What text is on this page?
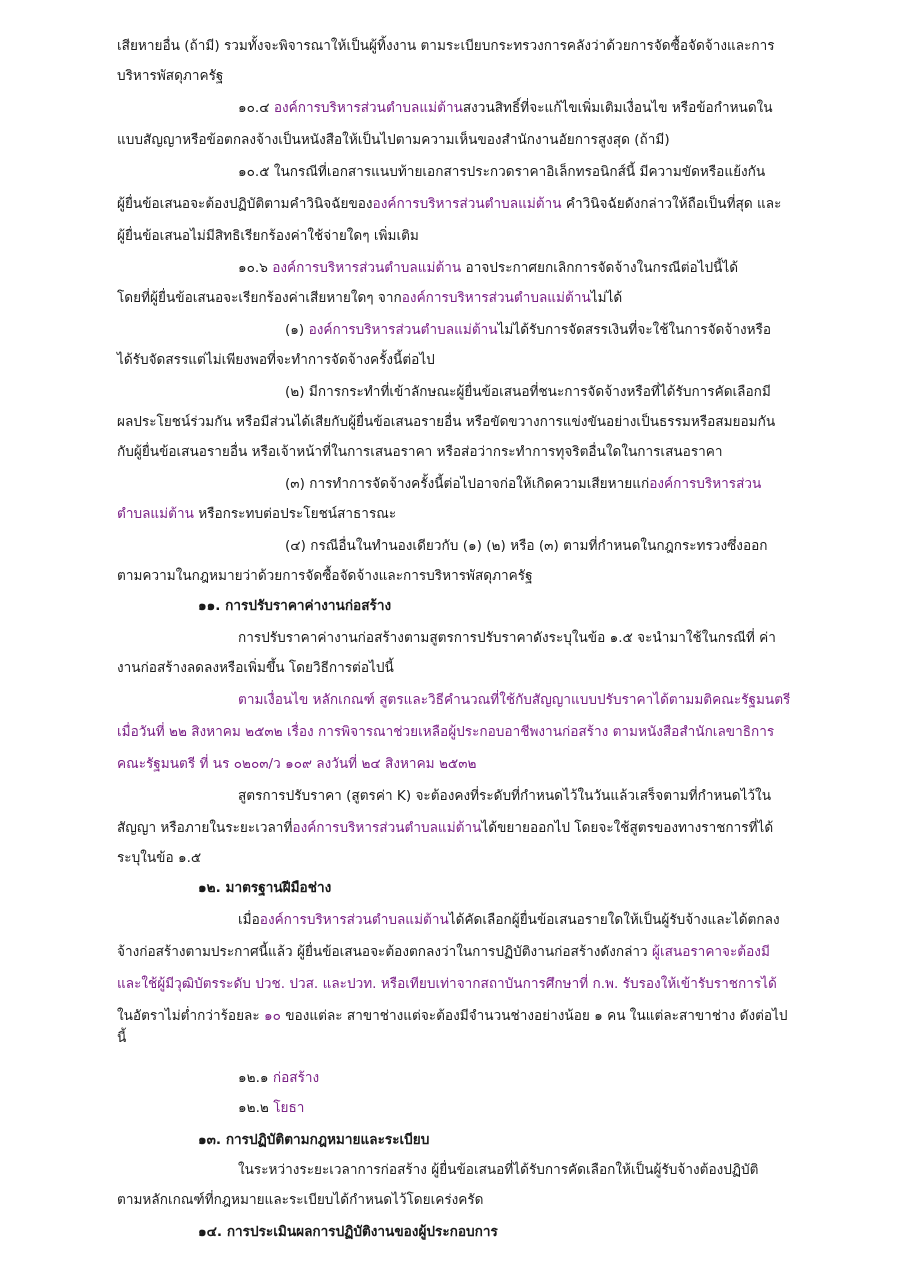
เสียหายอื่น (ถ้ามี) รวมทั้งจะพิจารณาให้เป็นผู้ทิ้งงาน ตามระเบียบกระทรวงการคลังว่าด้วยการจัดซื้อจัดจ้างและการ
บริหารพัสดุภาครัฐ
๑๐.๔ องค์การบริหารส่วนตำบลแม่ต้านสงวนสิทธิ์ที่จะแก้ไขเพิ่มเติมเงื่อนไข หรือข้อกำหนดใน
แบบสัญญาหรือข้อตกลงจ้างเป็นหนังสือให้เป็นไปตามความเห็นของสำนักงานอัยการสูงสุด (ถ้ามี)
๑๐.๕ ในกรณีที่เอกสารแนบท้ายเอกสารประกวดราคาอิเล็กทรอนิกส์นี้ มีความขัดหรือแย้งกัน
ผู้ยื่นข้อเสนอจะต้องปฏิบัติตามคำวินิจฉัยขององค์การบริหารส่วนตำบลแม่ต้าน คำวินิจฉัยดังกล่าวให้ถือเป็นที่สุด และ
ผู้ยื่นข้อเสนอไม่มีสิทธิเรียกร้องค่าใช้จ่ายใดๆ เพิ่มเติม
๑๐.๖ องค์การบริหารส่วนตำบลแม่ต้าน อาจประกาศยกเลิกการจัดจ้างในกรณีต่อไปนี้ได้
โดยที่ผู้ยื่นข้อเสนอจะเรียกร้องค่าเสียหายใดๆ จากองค์การบริหารส่วนตำบลแม่ต้านไม่ได้
(๑) องค์การบริหารส่วนตำบลแม่ต้านไม่ได้รับการจัดสรรเงินที่จะใช้ในการจัดจ้างหรือ
ได้รับจัดสรรแต่ไม่เพียงพอที่จะทำการจัดจ้างครั้งนี้ต่อไป
(๒) มีการกระทำที่เข้าลักษณะผู้ยื่นข้อเสนอที่ชนะการจัดจ้างหรือที่ได้รับการคัดเลือกมี
ผลประโยชน์ร่วมกัน หรือมีส่วนได้เสียกับผู้ยื่นข้อเสนอรายอื่น หรือขัดขวางการแข่งขันอย่างเป็นธรรมหรือสมยอมกัน
กับผู้ยื่นข้อเสนอรายอื่น หรือเจ้าหน้าที่ในการเสนอราคา หรือส่อว่ากระทำการทุจริตอื่นใดในการเสนอราคา
(๓) การทำการจัดจ้างครั้งนี้ต่อไปอาจก่อให้เกิดความเสียหายแก่องค์การบริหารส่วน
ตำบลแม่ต้าน หรือกระทบต่อประโยชน์สาธารณะ
(๔) กรณีอื่นในทำนองเดียวกับ (๑) (๒) หรือ (๓) ตามที่กำหนดในกฎกระทรวงซึ่งออก
ตามความในกฎหมายว่าด้วยการจัดซื้อจัดจ้างและการบริหารพัสดุภาครัฐ
๑๑. การปรับราคาค่างานก่อสร้าง
การปรับราคาค่างานก่อสร้างตามสูตรการปรับราคาดังระบุในข้อ ๑.๕ จะนำมาใช้ในกรณีที่ ค่า
งานก่อสร้างลดลงหรือเพิ่มขึ้น โดยวิธีการต่อไปนี้
ตามเงื่อนไข หลักเกณฑ์ สูตรและวิธีคำนวณที่ใช้กับสัญญาแบบปรับราคาได้ตามมติคณะรัฐมนตรี
เมื่อวันที่ ๒๒ สิงหาคม ๒๕๓๒ เรื่อง การพิจารณาช่วยเหลือผู้ประกอบอาชีพงานก่อสร้าง ตามหนังสือสำนักเลขาธิการ
คณะรัฐมนตรี ที่ นร ๐๒๐๓/ว ๑๐๙ ลงวันที่ ๒๔ สิงหาคม ๒๕๓๒
สูตรการปรับราคา (สูตรค่า K) จะต้องคงที่ระดับที่กำหนดไว้ในวันแล้วเสร็จตามที่กำหนดไว้ใน
สัญญา หรือภายในระยะเวลาที่องค์การบริหารส่วนตำบลแม่ต้านได้ขยายออกไป โดยจะใช้สูตรของทางราชการที่ได้
ระบุในข้อ ๑.๕
๑๒. มาตรฐานฝีมือช่าง
เมื่อองค์การบริหารส่วนตำบลแม่ต้านได้คัดเลือกผู้ยื่นข้อเสนอรายใดให้เป็นผู้รับจ้างและได้ตกลง
จ้างก่อสร้างตามประกาศนี้แล้ว ผู้ยื่นข้อเสนอจะต้องตกลงว่าในการปฏิบัติงานก่อสร้างดังกล่าว ผู้เสนอราคาจะต้องมี
และใช้ผู้มีวุฒิบัตรระดับ ปวช. ปวส. และปวท. หรือเทียบเท่าจากสถาบันการศึกษาที่ ก.พ. รับรองให้เข้ารับราชการได้
ในอัตราไม่ต่ำกว่าร้อยละ ๑๐ ของแต่ละ สาขาช่างแต่จะต้องมีจำนวนช่างอย่างน้อย ๑ คน ในแต่ละสาขาช่าง ดังต่อไป
นี้
๑๒.๑ ก่อสร้าง
๑๒.๒ โยธา
๑๓. การปฏิบัติตามกฎหมายและระเบียบ
ในระหว่างระยะเวลาการก่อสร้าง ผู้ยื่นข้อเสนอที่ได้รับการคัดเลือกให้เป็นผู้รับจ้างต้องปฏิบัติ
ตามหลักเกณฑ์ที่กฎหมายและระเบียบได้กำหนดไว้โดยเคร่งครัด
๑๔. การประเมินผลการปฏิบัติงานของผู้ประกอบการ
